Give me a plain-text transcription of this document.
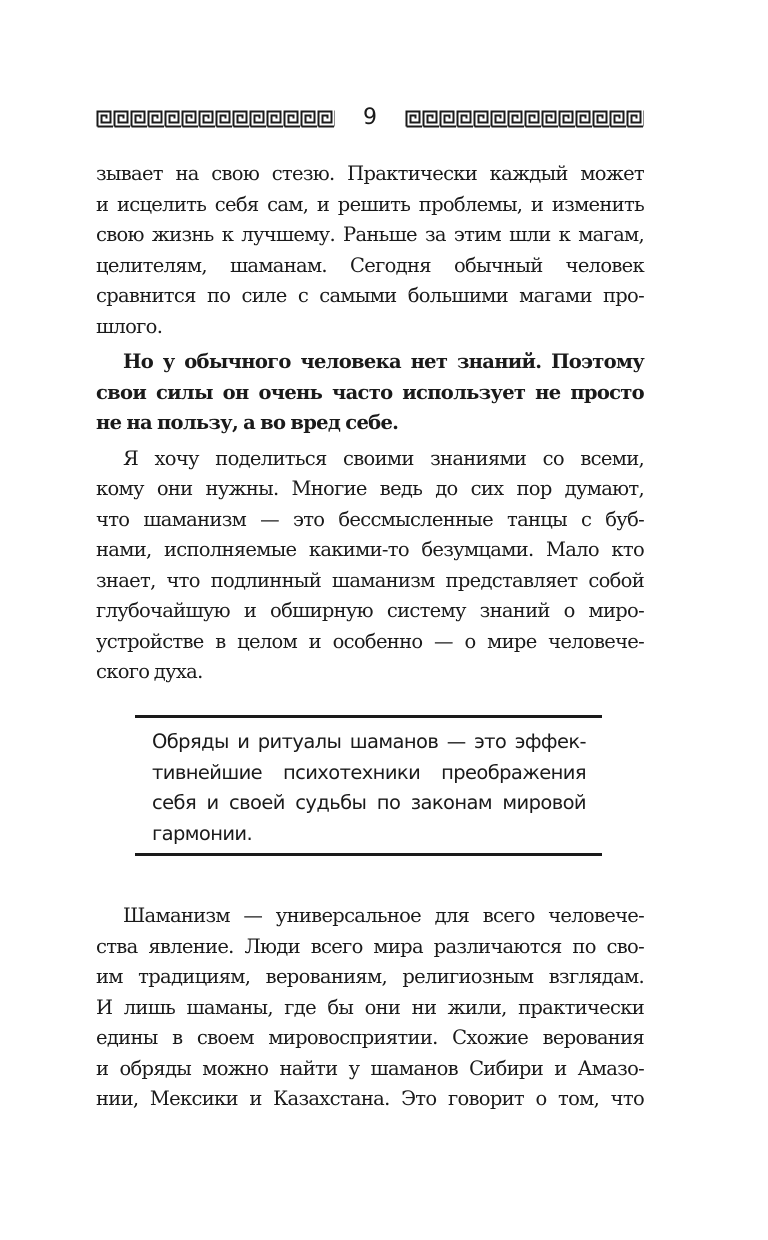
9
зывает на свою стезю. Практически каждый может
и исцелить себя сам, и решить проблемы, и изменить
свою жизнь к лучшему. Раньше за этим шли к магам,
целителям, шаманам. Сегодня обычный человек
сравнится по силе с самыми большими магами про-
шлого.
Но у обычного человека нет знаний. Поэтому
свои силы он очень часто использует не просто
не на пользу, а во вред себе.
Я хочу поделиться своими знаниями со всеми,
кому они нужны. Многие ведь до сих пор думают,
что шаманизм — это бессмысленные танцы с буб-
нами, исполняемые какими-то безумцами. Мало кто
знает, что подлинный шаманизм представляет собой
глубочайшую и обширную систему знаний о миро-
устройстве в целом и особенно — о мире человече-
ского духа.
Обряды и ритуалы шаманов — это эффек-
тивнейшие психотехники преображения
себя и своей судьбы по законам мировой
гармонии.
Шаманизм — универсальное для всего человече-
ства явление. Люди всего мира различаются по сво-
им традициям, верованиям, религиозным взглядам.
И лишь шаманы, где бы они ни жили, практически
едины в своем мировосприятии. Схожие верования
и обряды можно найти у шаманов Сибири и Амазо-
нии, Мексики и Казахстана. Это говорит о том, что
